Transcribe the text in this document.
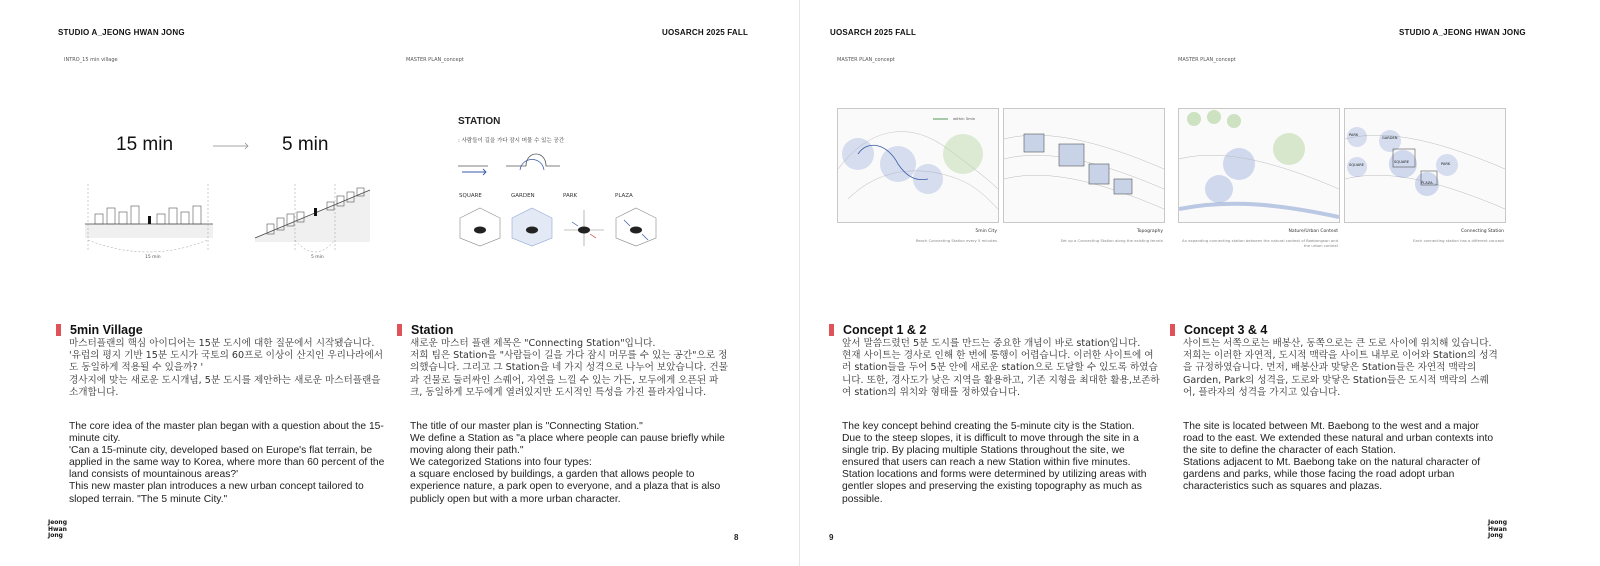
STUDIO A_JEONG HWAN JONG	UOSARCH 2025 FALL
INTRO_15 min village	MASTER PLAN_concept
15 min	5 min
15 min	5 min
STATION
: 사람들이 길을 가다 잠시 머물 수 있는 공간
SQUARE	GARDEN	PARK	PLAZA
5min Village
마스터플랜의 핵심 아이디어는 15분 도시에 대한 질문에서 시작됐습니다.
'유럽의 평지 기반 15분 도시가 국토의 60프로 이상이 산지인 우리나라에서도 동일하게 적용될 수 있을까? '
경사지에 맞는 새로운 도시개념, 5분 도시를 제안하는 새로운 마스터플랜을 소개합니다.
The core idea of the master plan began with a question about the 15-minute city.
'Can a 15-minute city, developed based on Europe's flat terrain, be applied in the same way to Korea, where more than 60 percent of the land consists of mountainous areas?'
This new master plan introduces a new urban concept tailored to sloped terrain. "The 5 minute City."
Station
새로운 마스터 플랜 제목은 "Connecting Station"입니다.
저희 팀은 Station을 "사람들이 길을 가다 잠시 머무를 수 있는 공간"으로 정의했습니다. 그리고 그 Station을 네 가지 성격으로 나누어 보았습니다. 건물과 건물로 둘러싸인 스퀘어, 자연을 느낄 수 있는 가든, 모두에게 오픈된 파크, 동일하게 모두에게 열려있지만 도시적인 특성을 가진 플라자입니다.
The title of our master plan is "Connecting Station."
We define a Station as "a place where people can pause briefly while moving along their path."
We categorized Stations into four types:
a square enclosed by buildings, a garden that allows people to experience nature, a park open to everyone, and a plaza that is also publicly open but with a more urban character.
Jeong
Hwan
Jong	8
UOSARCH 2025 FALL	STUDIO A_JEONG HWAN JONG
MASTER PLAN_concept	MASTER PLAN_concept
within 5min
5min City
Reach Connecting Station every 5 minutes
Topography
Set up a Connecting Station along the existing terrain
Nature/Urban Context
An expanding connecting station between the natural context of Baebongsan and the urban context
PARK
GARDEN
SQUARE
SQUARE	PARK
PLAZA
Connecting Station
Each connecting station has a different concept
Concept 1 & 2
앞서 말씀드렸던 5분 도시를 만드는 중요한 개념이 바로 station입니다.
현재 사이트는 경사로 인해 한 번에 통행이 어렵습니다. 이러한 사이트에 여러 station들을 두어 5분 안에 새로운 station으로 도달할 수 있도록 하였습니다. 또한, 경사도가 낮은 지역을 활용하고, 기존 지형을 최대한 활용,보존하여 station의 위치와 형태를 정하였습니다.
The key concept behind creating the 5-minute city is the Station.
Due to the steep slopes, it is difficult to move through the site in a single trip. By placing multiple Stations throughout the site, we ensured that users can reach a new Station within five minutes.
Station locations and forms were determined by utilizing areas with gentler slopes and preserving the existing topography as much as possible.
Concept 3 & 4
사이트는 서쪽으로는 배봉산, 동쪽으로는 큰 도로 사이에 위치해 있습니다.
저희는 이러한 자연적, 도시적 맥락을 사이트 내부로 이어와 Station의 성격을 규정하였습니다. 먼저, 배봉산과 맞닿은 Station들은 자연적 맥락의 Garden, Park의 성격을, 도로와 맞닿은 Station들은 도시적 맥락의 스퀘어, 플라자의 성격을 가지고 있습니다.
The site is located between Mt. Baebong to the west and a major road to the east. We extended these natural and urban contexts into the site to define the character of each Station.
Stations adjacent to Mt. Baebong take on the natural character of gardens and parks, while those facing the road adopt urban characteristics such as squares and plazas.
9
Jeong
Hwan
Jong
